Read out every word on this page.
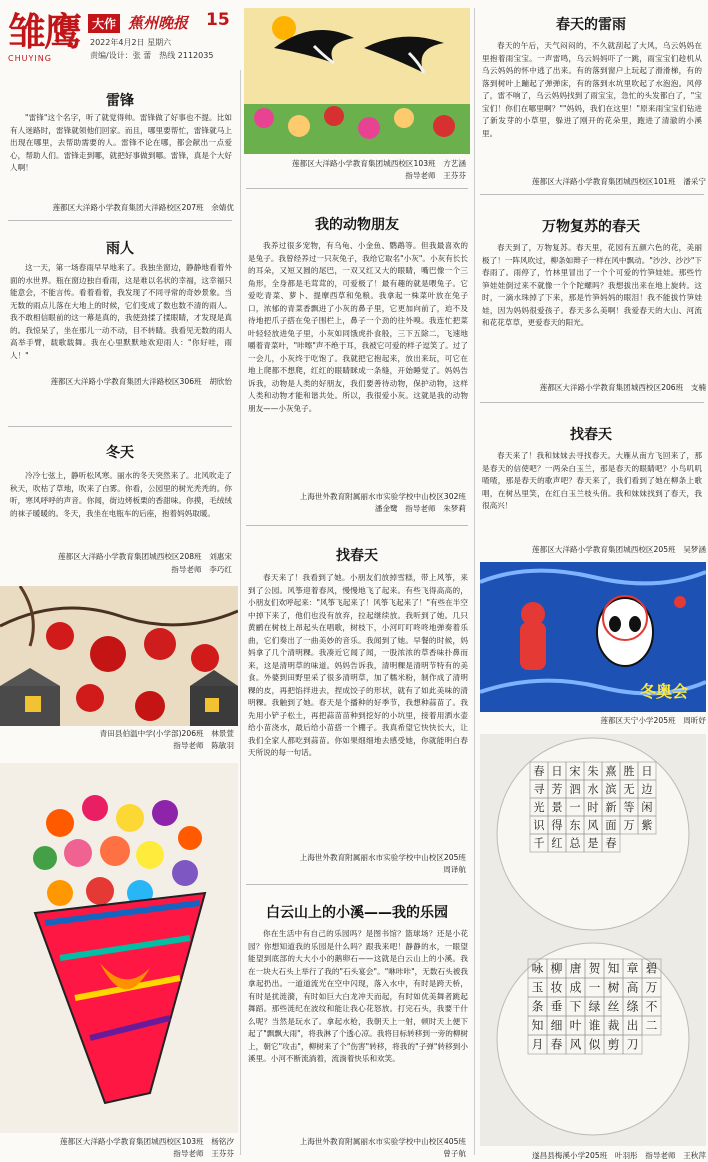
雏鹰
CHUYING
大作 蕉州晚报 15
2022年4月2日 星期六
责编/设计：张 蕾　热线 2112035
雷锋
"雷锋"这个名字，听了就觉得帅。雷锋做了好事也不提。比如有人迷路时，雷锋就领他们回家。而且，哪里要帮忙，雷锋就马上出现在哪里，去帮助需要的人。雷锋不论在哪，都会献出一点爱心，帮助人们。雷锋走到哪，就把好事做到哪。雷锋，真是个大好人啊！
莲都区大洋路小学教育集团大洋路校区207班　余婧优
雨人
这一天，第一场春雨早早地来了。我独坐窗边，静静地看着外面的水世界。瓶在窗边独自看雨，这是难以名状的幸福，这幸福只能意会，不能言传。看着看着，我发现了不同寻常的奇妙景象。当无数的雨点儿落在大地上的时候，它们变成了数也数不清的雨人。我不敢相信眼前的这一幕是真的，我使劲揉了揉眼睛，才发现是真的。我惊呆了，坐在那儿一动不动，目不转睛。我看见无数的雨人高举手臂，载歌载舞。我在心里默默地欢迎雨人："你好哇，雨人！"
莲都区大洋路小学教育集团大洋路校区306班　胡欣怡
冬天
冷冷七弦上，静听松风寒。丽水的冬天突然来了。北风吹走了秋天，吹枯了草地，吹来了白雾。你看，公园里的树光秃秃的。你听，寒风呼呼的声音。你闻，街边烤板栗的香甜味。你摸，毛绒绒的袜子暖暖的。冬天，我坐在电瓶车的后座，抱着妈妈取暖。
莲都区大洋路小学教育集团城西校区208班　刘惠宋
指导老师　李巧红
青田县伯温中学(小学部)206班　林景萱
指导老师　陈敏羽
莲都区大洋路小学教育集团城西校区103班　杨铭汐
指导老师　王芬芬
莲都区大洋路小学教育集团城西校区103班　方艺涵
指导老师　王芬芬
我的动物朋友
我养过很多宠物，有乌龟、小金鱼、鹦鹉等。但我最喜欢的是兔子。我曾经养过一只灰兔子，我给它取名"小灰"。小灰有长长的耳朵，又短又圆的尾巴，一双又红又大的眼睛，嘴巴像一个三角形，全身都是毛茸茸的，可爱极了！最有趣的就是喂兔子。它爱吃青菜、萝卜、提摩西草和兔粮。我拿起一株菜叶放在兔子口，浓郁的青菜香飘进了小灰的鼻子里，它更加向前了，迫不及待地把爪子搭在兔子围栏上，鼻子一个劲的往外嗅。我连忙把菜叶轻轻放进兔子里，小灰如同饿虎扑食般，三下五除二，飞速地嚼着青菜叶，"咔嚓"声不绝于耳，我被它可爱的样子逗笑了。过了一会儿，小灰终于吃饱了。我就把它抱起来，放出来玩，可它在地上爬都不想爬，红红的眼睛眯成一条缝，开始睡觉了。妈妈告诉我，动物是人类的好朋友，我们要善待动物，保护动物，这样人类和动物才能和谐共处。所以，我很爱小灰。这就是我的动物朋友——小灰兔子。
上海世外教育附属丽水市实验学校中山校区302班
潘金鹭　指导老师　朱梦莉
找春天
春天来了！我看到了她。小朋友们放掉雪糕，带上风筝，来到了公园。风筝迎着春风，慢慢地飞了起来。有些飞得高高的，小朋友们欢呼起来："风筝飞起来了！风筝飞起来了！"有些在半空中掉下来了，他们也没有放弃，拉起继续放。我听到了她。几只黄鹂在树枝上昂起头在唱歌，树枝下，小河叮叮咚咚地弹奏着乐曲，它们奏出了一曲美妙的音乐。我闻到了她。早餐的时候，妈妈拿了几个清明粿。我凑近它闻了闻，一股浓浓的草香味扑鼻而来，这是清明草的味道。妈妈告诉我，清明粿是清明节特有的美食。外婆到田野里采了很多清明草，加了糯米粉，制作成了清明粿的皮，再把馅拌进去，捏成饺子的形状，就有了如此美味的清明粿。我触到了她。春天是个播种的好季节，我想种蒜苗了。我先用小铲子松土，再把蒜苗苗种到挖好的小坑里，接着用洒水壶给小苗浇水，最后给小苗搭一个棚子。我真希望它快快长大，让我们全家人都吃到蒜苗。你如果细细地去感受她，你就能明白春天所说的每一句话。
上海世外教育附属丽水市实验学校中山校区205班
周译航
白云山上的小溪——我的乐园
你在生活中有自己的乐园吗？是图书馆？篮球场？还是小花园？你想知道我的乐园是什么吗？跟我来吧！静静的水，一眼望能望到底部的大大小小的鹅卵石——这就是白云山上的小溪。我在一块大石头上举行了我的"石头宴会"。"咻咔咔"，无数石头被我拿起扔出。一道道流光在空中闪现，落入水中，有时是跨天桥，有时是扰涟漪，有时如巨大白龙冲天而起，有时如优美舞者跳起舞蹈。那些涟纪在波纹和能让我心花怒放。打完石头，我要干什么呢？当然是玩水了。拿起水枪，我朝天上一射，顿时天上便下起了"飘飘大雨"，将我淋了个透心凉。我将目标转移到一旁的柳树上，朝它"攻击"，柳树来了个"伤害"转移，将我的"子弹"转移到小溪里。小河不断流淌着，流淌着快乐和欢笑。
上海世外教育附属丽水市实验学校中山校区405班
曾子航
春天的雷雨
春天的午后，天气闷闷的，不久就刮起了大风，乌云妈妈在里抱着雨宝宝。一声雷鸣，乌云妈妈吓了一跳，雨宝宝们趁机从乌云妈妈的怀中逃了出来。有的落到窗户上玩起了滑滑梯，有的落到树叶上蹦起了弹弹床，有的落到水坑里吹起了水泡泡。风停了，雷不响了，乌云妈妈找到了雨宝宝，急忙的头发都白了，"宝宝们！你们在哪里啊？""妈妈，我们在这里！"原来雨宝宝们钻进了新发芽的小草里，躲进了刚开的花朵里，跑进了清澈的小溪里。
莲都区大洋路小学教育集团城西校区101班　潘采宁
万物复苏的春天
春天到了，万物复苏。春天里，花园有五颜六色的花，美丽极了！一阵风吹过，柳条如辫子一样在风中飘动。"沙沙、沙沙"下春雨了。雨停了，竹林里冒出了一个个可爱的竹笋娃娃。那些竹笋娃娃倒过来不就像一个个陀螺吗？我想拔出来在地上旋转。这时，一滴水珠掉了下来，那是竹笋妈妈的眼泪！我不能拔竹笋娃娃，因为妈妈很爱孩子。春天多么美啊！我爱春天的大山、河流和花花草草，更爱春天的阳光。
莲都区大洋路小学教育集团城西校区206班　支楠
找春天
春天来了！我和妹妹去寻找春天。大雁从南方飞回来了，那是春天的信使吧？一两朵白玉兰，那是春天的眼睛吧？小鸟叽叽喳喳，那是春天的歌声吧？春天来了，我们看到了她在柳条上歌唱，在树丛里笑，在红白玉兰枝头俏。我和妹妹找到了春天，我很高兴！
莲都区大洋路小学教育集团城西校区205班　吴梦涵
冬奥会
莲都区天宁小学205班　周昕妤
春 日 宋 朱 熹 胜 日
寻 芳 泗 水 滨 无 边
光 景 一 时 新 等 闲
识 得 东 风 面 万 紫
千 红 总 是 春
咏 柳 唐 贺 知 章 碧
玉 妆 成 一 树 高 万
条 垂 下 绿 丝 绦 不
知 细 叶 谁 裁 出 二
月 春 风 似 剪 刀
遂昌县梅溪小学205班　叶羽彤　指导老师　王秋萍
